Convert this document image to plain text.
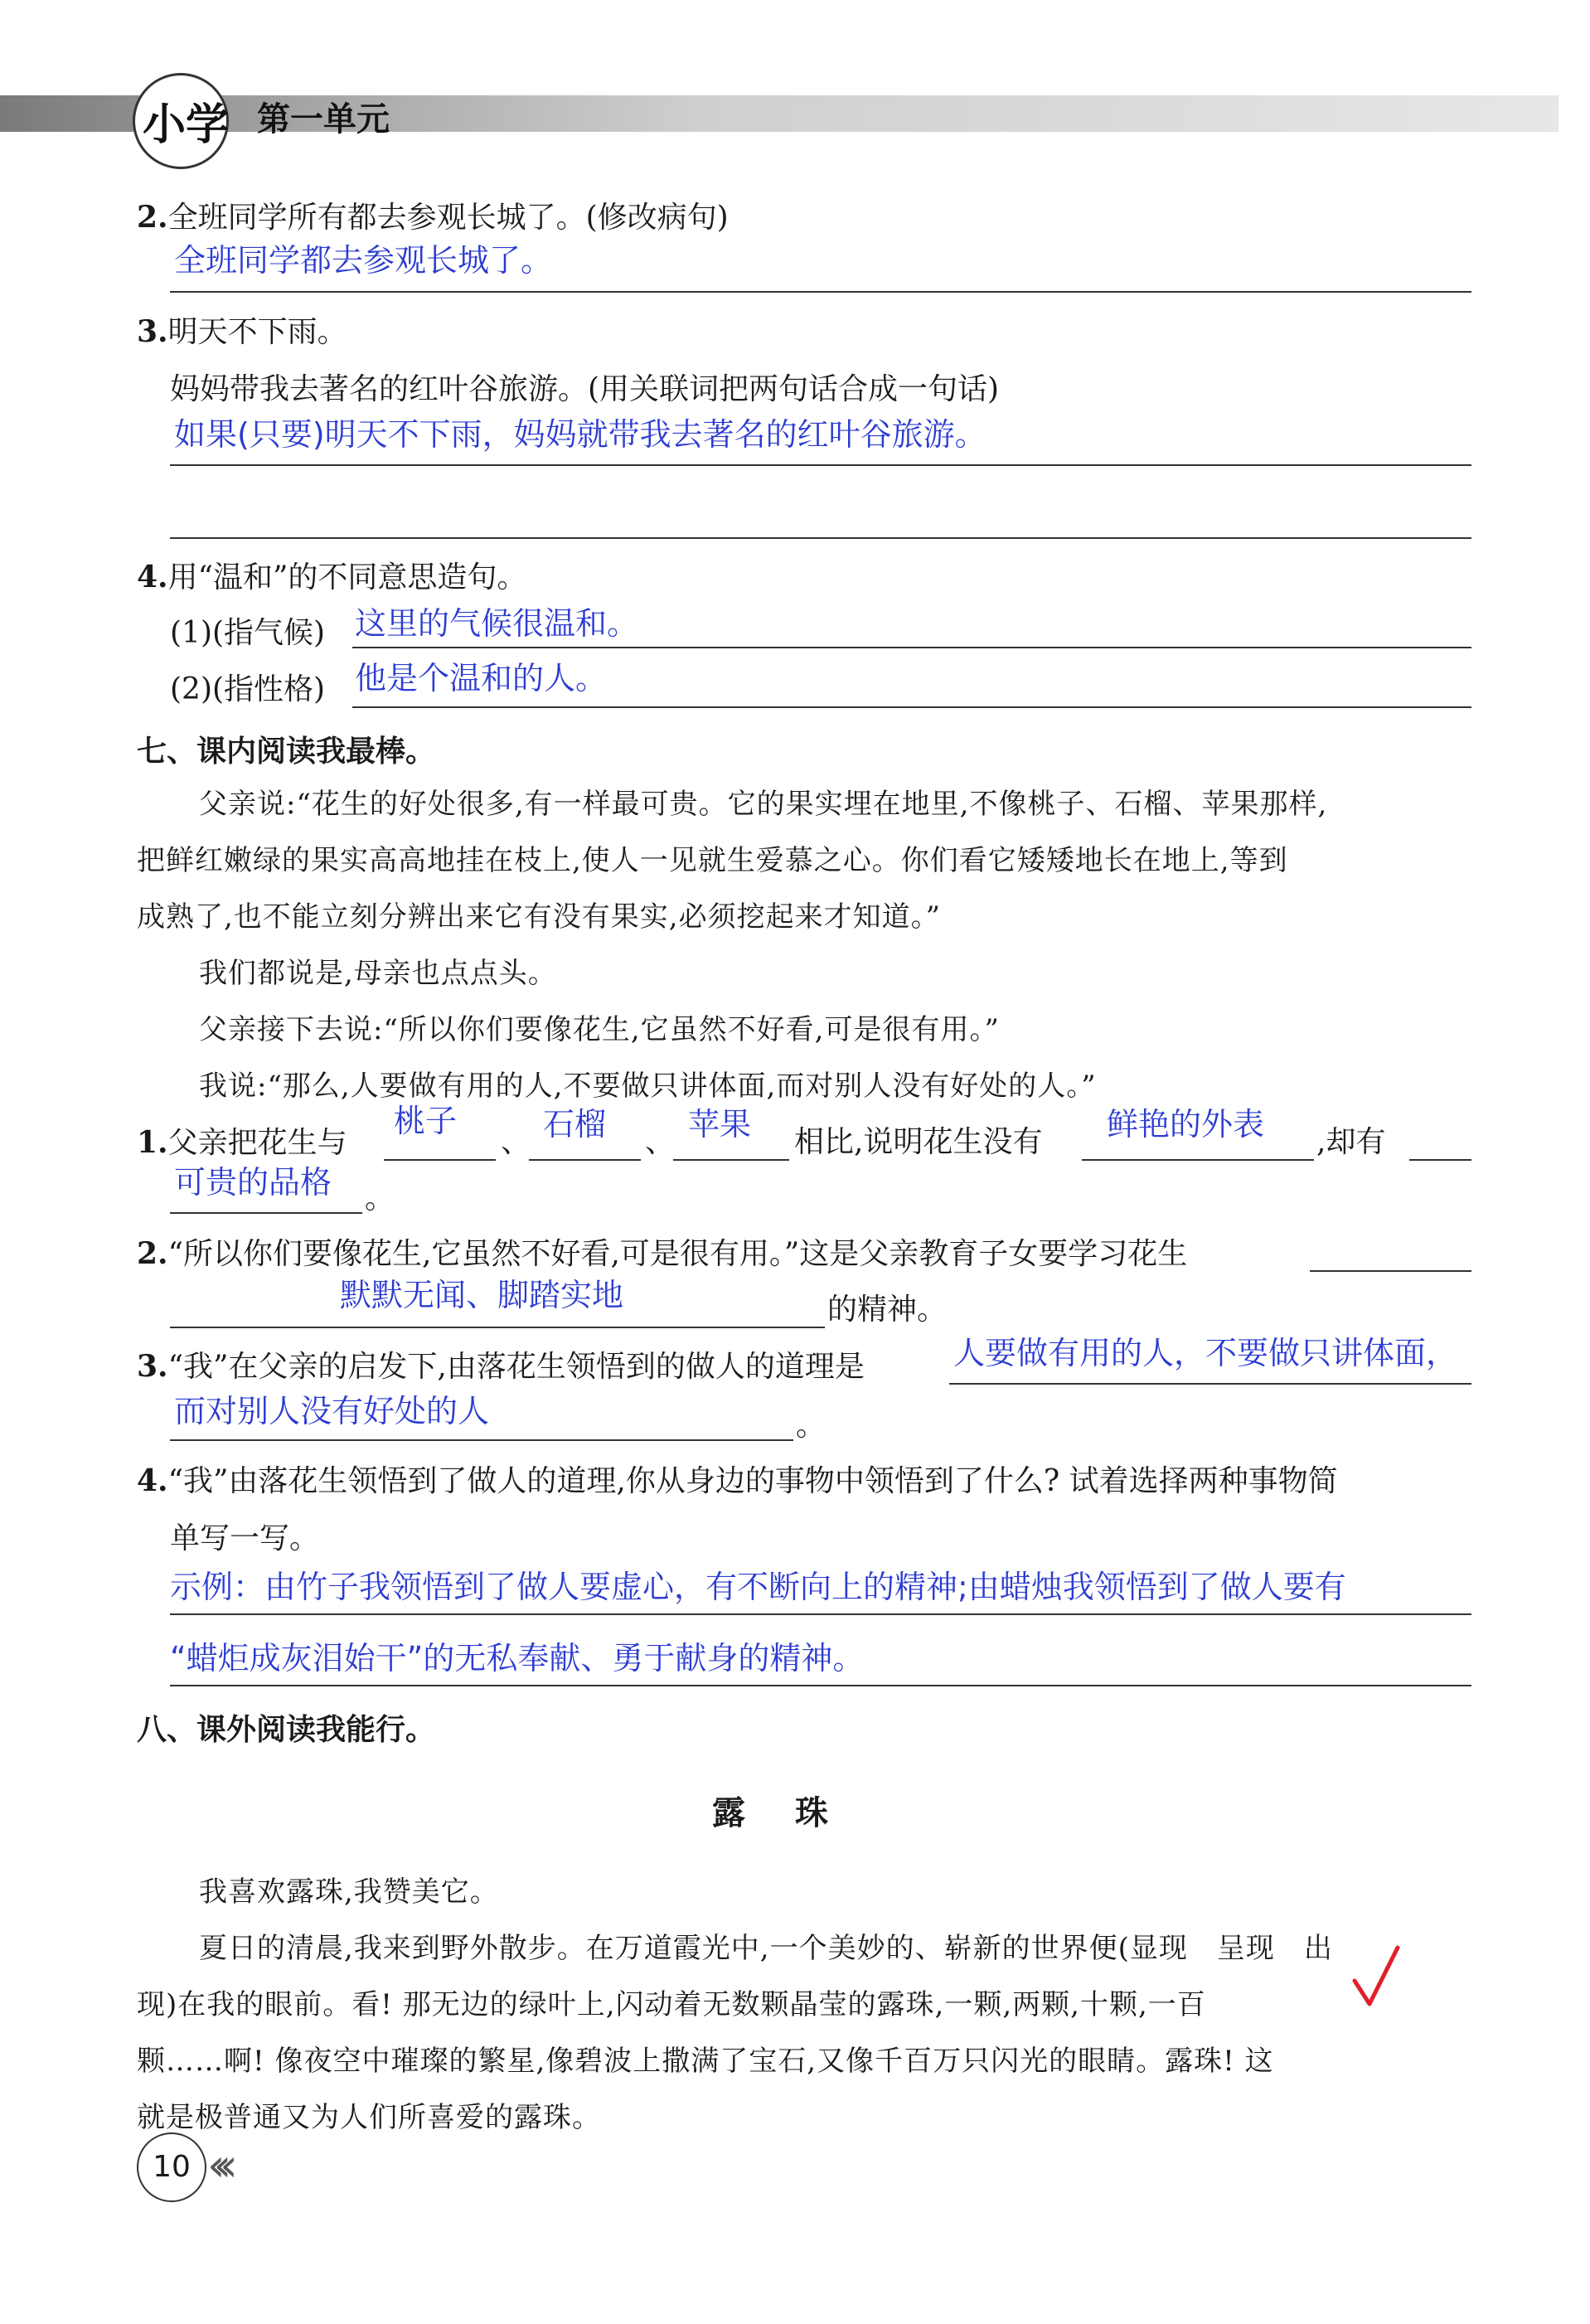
小学 第一单元
2.全班同学所有都去参观长城了。(修改病句)
全班同学都去参观长城了。
3.明天不下雨。
妈妈带我去著名的红叶谷旅游。(用关联词把两句话合成一句话)
如果(只要)明天不下雨，妈妈就带我去著名的红叶谷旅游。
4.用“温和”的不同意思造句。
(1)(指气候) 这里的气候很温和。
(2)(指性格) 他是个温和的人。
七、课内阅读我最棒。
父亲说:“花生的好处很多,有一样最可贵。它的果实埋在地里,不像桃子、石榴、苹果那样,
把鲜红嫩绿的果实高高地挂在枝上,使人一见就生爱慕之心。你们看它矮矮地长在地上,等到
成熟了,也不能立刻分辨出来它有没有果实,必须挖起来才知道。”
我们都说是,母亲也点点头。
父亲接下去说:“所以你们要像花生,它虽然不好看,可是很有用。”
我说:“那么,人要做有用的人,不要做只讲体面,而对别人没有好处的人。”
1.父亲把花生与
桃子
、 石榴 、 苹果 相比,说明花生没有 鲜艳的外表 ,却有
可贵的品格 。
2.“所以你们要像花生,它虽然不好看,可是很有用。”这是父亲教育子女要学习花生
默默无闻、脚踏实地	的精神。
3.“我”在父亲的启发下,由落花生领悟到的做人的道理是	人要做有用的人，不要做只讲体面，
而对别人没有好处的人	。
4.“我”由落花生领悟到了做人的道理,你从身边的事物中领悟到了什么? 试着选择两种事物简
单写一写。
示例：由竹子我领悟到了做人要虚心，有不断向上的精神;由蜡烛我领悟到了做人要有
“蜡炬成灰泪始干”的无私奉献、勇于献身的精神。
八、课外阅读我能行。
露珠
我喜欢露珠,我赞美它。
夏日的清晨,我来到野外散步。在万道霞光中,一个美妙的、崭新的世界便(显现　呈现　出
现)在我的眼前。看! 那无边的绿叶上,闪动着无数颗晶莹的露珠,一颗,两颗,十颗,一百
颗……啊! 像夜空中璀璨的繁星,像碧波上撒满了宝石,又像千百万只闪光的眼睛。露珠! 这
就是极普通又为人们所喜爱的露珠。
10 ‹‹‹
